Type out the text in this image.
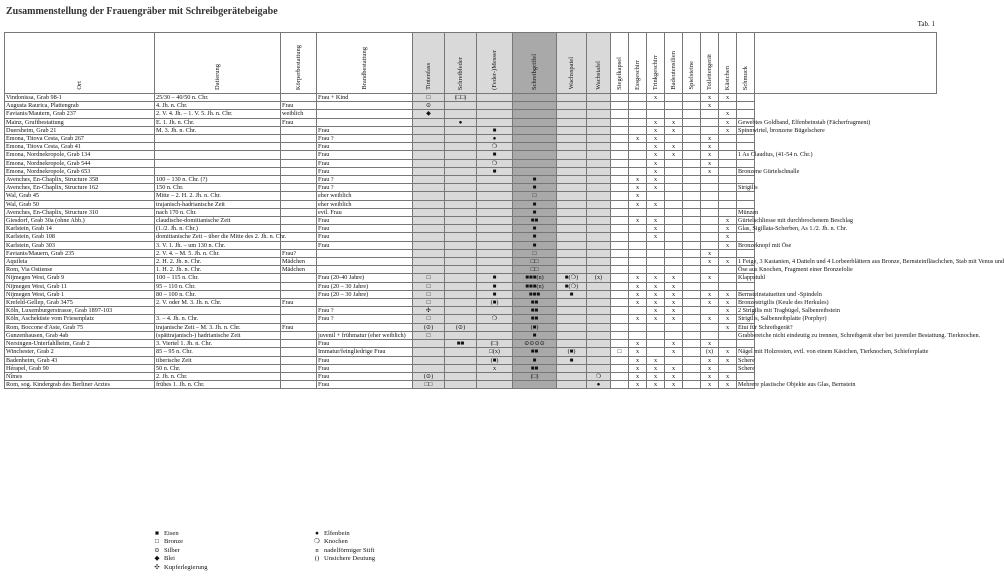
Zusammenstellung der Frauengräber mit Schreibgerätebeigabe
Tab. 1
Ort	Datierung	Körperbestattung	Brandbestattung	Tintenfass	Schreibfeder	(Feder-)Messer	Schreibgriffel	Wachsspatel	Wachstafel	Siegelkapsel	Essgeschirr	Trinkgeschirr	Badeutensilien	Spielsteine	Toilettengerät	Kästchen	Schmuck	
Vindonissa, Grab 98-1	25/30 – 40/50 n. Chr.		Frau + Kind	□	(□□)							x			x	x		
Augusta Raurica, Plattengrab	4. Jh. n. Chr.	Frau		⊙											x			
Favianis/Mautern, Grab 237	2. V. 4. Jh. – 1. V. 5. Jh. n. Chr.	weiblich		◆												x		
Mainz, Gruftbestattung	E. 1. Jh. n. Chr.	Frau			●							x	x			x	Gewebtes Goldband, Elfenbeinstab (Fächerfragment)	
Duersheim, Grab 21	M. 3. Jh. n. Chr.		Frau			■						x	x			x	Spinnwirtel, bronzene Bügelschere	
Emona, Titova Cesta, Grab 267			Frau ?			●					x	x			x			
Emona, Titova Cesta, Grab 41			Frau			❍						x	x		x			
Emona, Nordnekropole, Grab 134			Frau			■						x	x		x		1 As Claudius, (41-54 n. Chr.)	
Emona, Nordnekropole, Grab 544			Frau			❍						x			x			
Emona, Nordnekropole, Grab 653			Frau			■						x			x		Bronzene Gürtelschnalle	
Avenches, En-Chaplix, Structure 358	100 – 130 n. Chr. (?)		Frau ?				■				x	x						
Avenches, En-Chaplix, Structure 162	150 n. Chr.		Frau ?				■				x	x					Strigilis	
Wal, Grab 45	Mitte – 2. H. 2. Jh. n. Chr.		eher weiblich				□				x							
Wal, Grab 50	trajanisch-hadrianische Zeit		eher weiblich				■				x	x						
Avenches, En-Chaplix, Structure 310	nach 170 n. Chr.		evtl. Frau				■										Münzen	
Giesdorf, Grab 30a (ohne Abb.)	claudische-domitianische Zeit		Frau				■■				x	x				x	Gürtelschliesse mit durchbrochenem Beschlag	
Karlstein, Grab 14	(1./2. Jh. n. Chr.)		Frau				■					x				x	Glas, Sigillata-Scherben, As 1./2. Jh. n. Chr.	
Karlstein, Grab 108	domitianische Zeit – über die Mitte des 2. Jh. n. Chr.		Frau				■					x				x		
Karlstein, Grab 303	3. V. 1. Jh. – um 130 n. Chr.		Frau				■									x	Bronzeknopf mit Öse	
Favianis/Mauern, Grab 235	2. V. 4. – M. 5. Jh. n. Chr.	Frau?					□								x			
Aquileia	2. H. 2. Jh. n. Chr.	Mädchen					□□								x	x	1 Feige, 3 Kastanien, 4 Datteln und 4 Lorbeerblättern aus Bronze, Bernsteinfläschchen, Stab mit Venus und	
Rom, Via Ostiense	1. H. 2. Jh. n. Chr.	Mädchen					□□										Öse aus Knochen, Fragment einer Bronzefolie	
Nijmegen West, Grab 9	100 – 115 n. Chr.		Frau (20-40 Jahre)	□		■	■■■(n)	■(❍)	(x)		x	x	x		x		Klappstuhl	
Nijmegen West, Grab 11	95 – 110 n. Chr.		Frau (20 – 30 Jahre)	□		■	■■■(n)	■(❍)			x	x	x					
Nijmegen West, Grab 1	80 – 100 n. Chr.		Frau (20 – 30 Jahre)	□		■	■■■	■			x	x	x		x	x	Bernsteinstatuetten und -Spindeln	
Krefeld-Gellep, Grab 3475	2. V. oder M. 3. Jh. n. Chr.	Frau		□		(■)	■■				x	x	x		x	x	Bronzestrigilis (Keule des Herkules)	
Köln, Luxemburgerstrasse, Grab 1897-103			Frau ?	✣			■■					x	x			x	2 Strigilis mit Tragbügel, Salbenreibstein	
Köln, Ascheküste vom Friesenplatz	3. – 4. Jh. n. Chr.		Frau ?	□		❍	■■				x	x	x		x	x	Strigilis, Salbenreibplatte (Porphyr)	
Rom, Boccone d'Aste, Grab 75	trajanische Zeit – M. 3. Jh. n. Chr.	Frau		(⊙)	(⊙)		(■)									x	Etui für Schreibgerät?	
Gunzenhausen, Grab 4ab	(spättrajanisch-) hadrianische Zeit		juvenil + frühmatur (eher weiblich)	□			■										Grabbereiche nicht eindeutig zu trennen, Schreibgerät eher bei juveniler Bestattung. Tierknochen.	
Nersingen-Unterfahlheim, Grab 2	3. Viertel 1. Jh. n. Chr.		Frau		■■	(□)	⊙⊙⊙⊙				x		x		x			
Winchester, Grab 2	85 – 95 n. Chr.		Immatur/feingliedrige Frau			□(x)	■■	(■)		□	x		x		(x)	x	Nägel mit Holzresten, evtl. von einem Kästchen, Tierknochen, Schieferplatte	
Badenheim, Grab 43	tiberische Zeit		Frau			(■)	■	■			x	x			x	x	Schere	
Hérapel, Grab 90	50 n. Chr.		Frau			x	■■				x	x	x		x		Schere	
Nîmes	2. Jh. n. Chr.		Frau	(⊙)			(□)		❍		x	x	x		x	x		
Rom, sog. Kindergrab des Berliner Arztes	frühes 1. Jh. n. Chr.		Frau	□□					●		x	x	x		x	x	Mehrere plastische Objekte aus Glas, Bernstein	
■ Eisen
□ Bronze
⊙ Silber
◆ Blei
✣ Kupferlegierung
● Elfenbein
❍ Knochen
n nadelförmiger Stift
() Unsichere Deutung
